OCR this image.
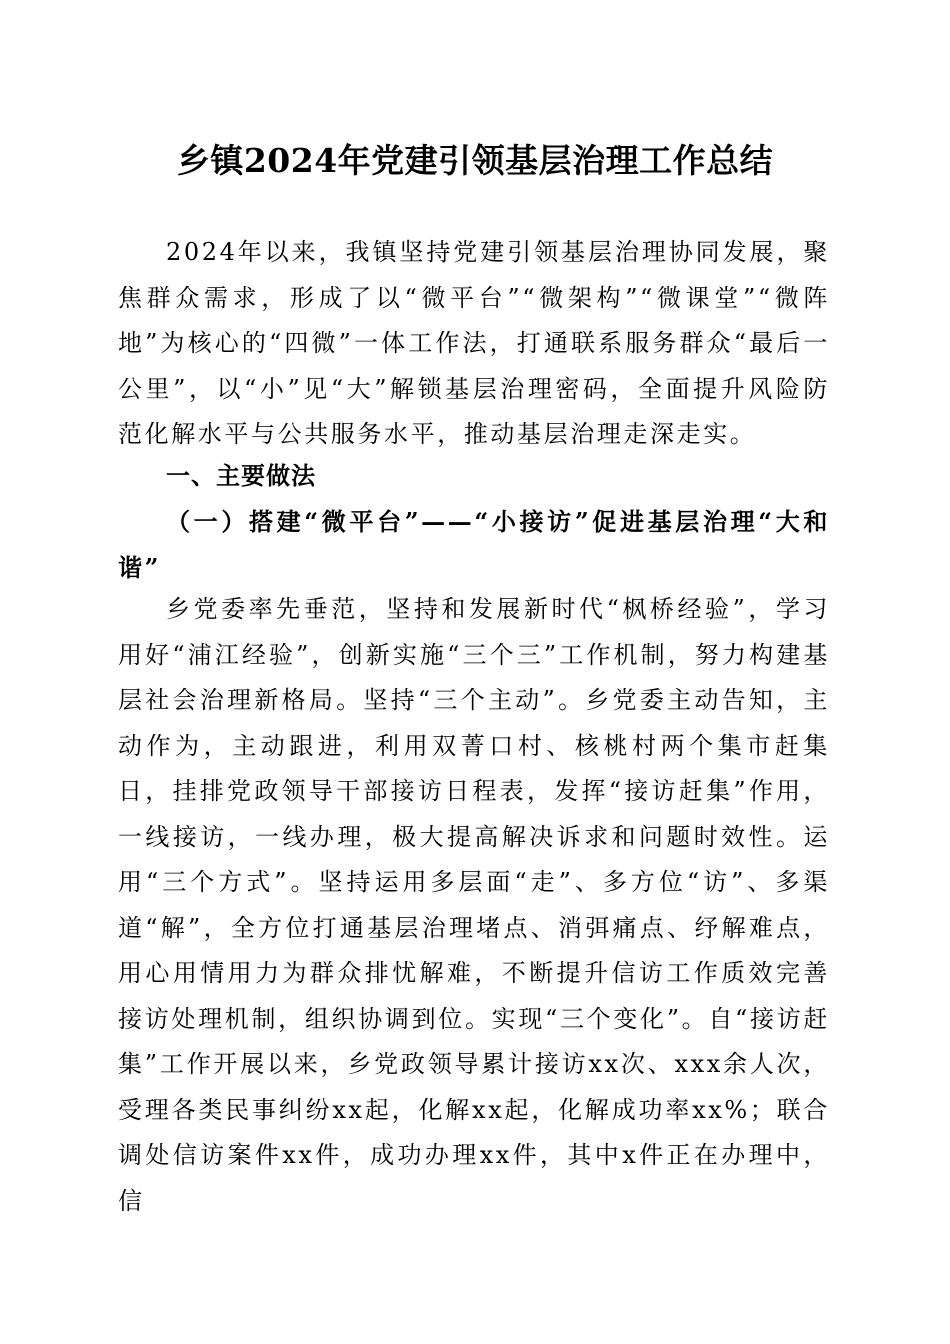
乡镇2024年党建引领基层治理工作总结

2024年以来，我镇坚持党建引领基层治理协同发展，聚焦群众需求，形成了以“微平台”“微架构”“微课堂”“微阵地”为核心的“四微”一体工作法，打通联系服务群众“最后一公里”，以“小”见“大”解锁基层治理密码，全面提升风险防范化解水平与公共服务水平，推动基层治理走深走实。

一、主要做法
（一）搭建“微平台”——“小接访”促进基层治理“大和谐”

乡党委率先垂范，坚持和发展新时代“枫桥经验”，学习用好“浦江经验”，创新实施“三个三”工作机制，努力构建基层社会治理新格局。坚持“三个主动”。乡党委主动告知，主动作为，主动跟进，利用双菁口村、核桃村两个集市赶集日，挂排党政领导干部接访日程表，发挥“接访赶集”作用，一线接访，一线办理，极大提高解决诉求和问题时效性。运用“三个方式”。坚持运用多层面“走”、多方位“访”、多渠道“解”，全方位打通基层治理堵点、消弭痛点、纾解难点，用心用情用力为群众排忧解难，不断提升信访工作质效完善接访处理机制，组织协调到位。实现“三个变化”。自“接访赶集”工作开展以来，乡党政领导累计接访xx次、xxx余人次，受理各类民事纠纷xx起，化解xx起，化解成功率xx%；联合调处信访案件xx件，成功办理xx件，其中x件正在办理中，信
